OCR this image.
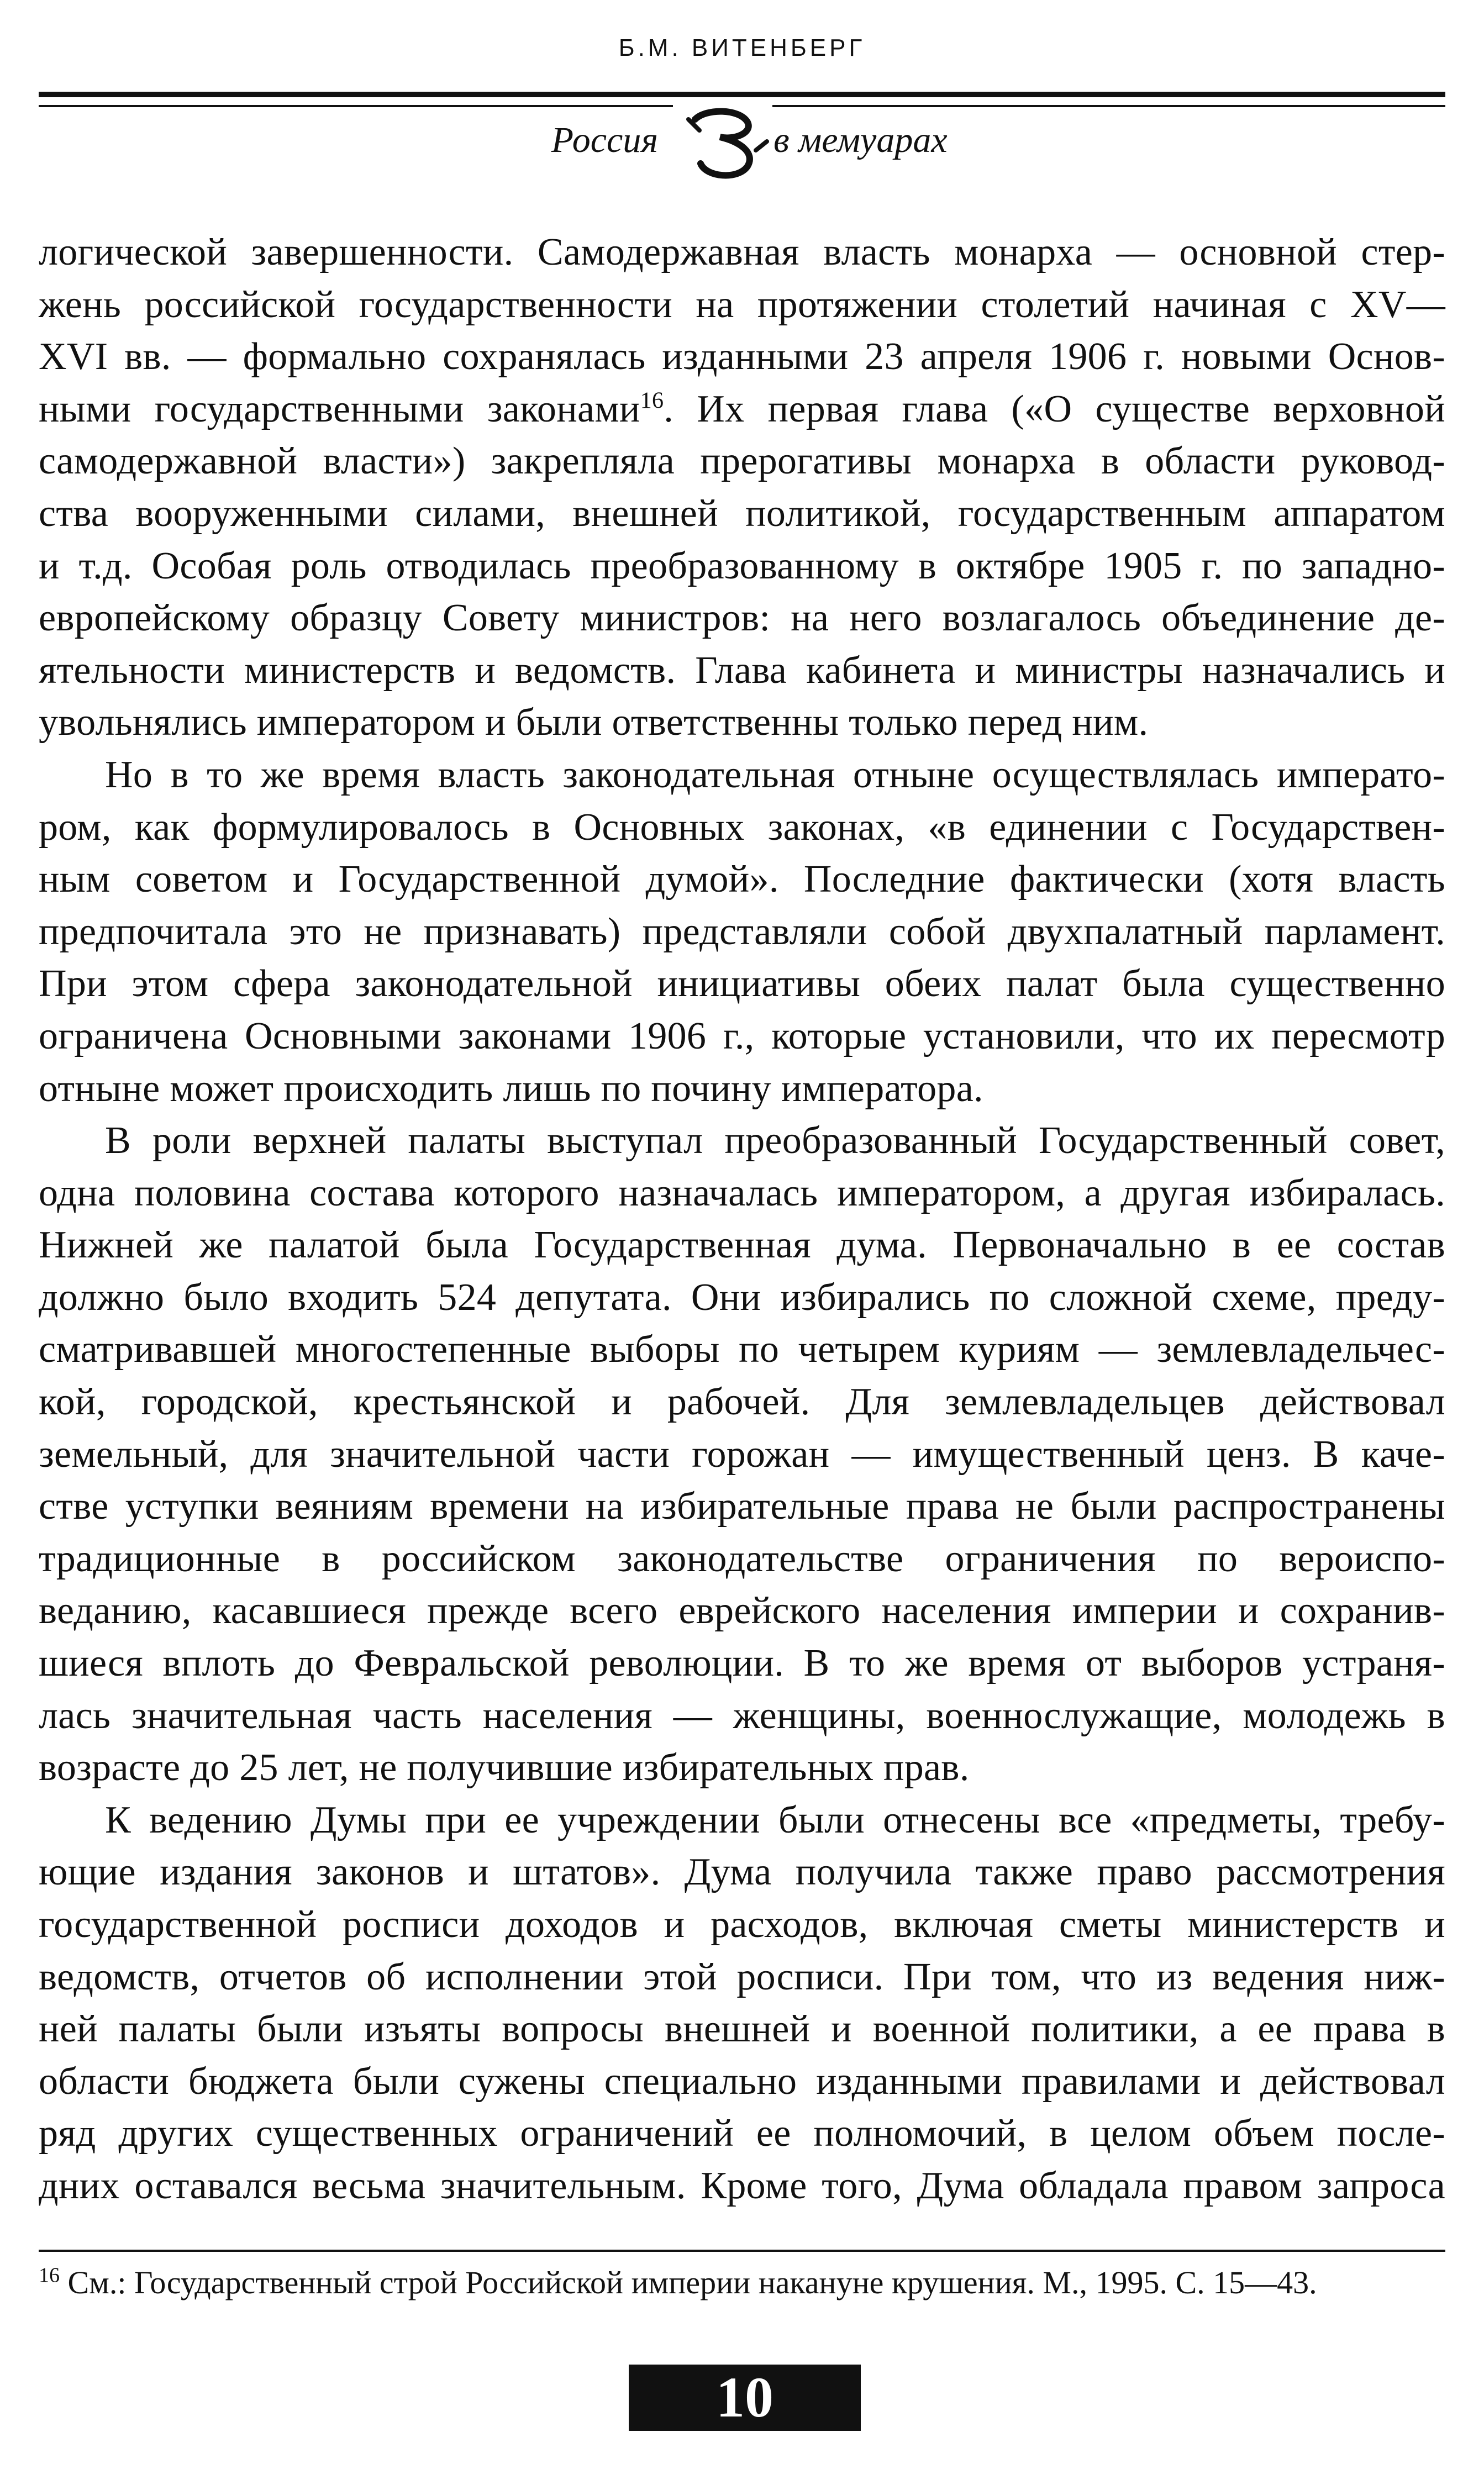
Б.М. ВИТЕНБЕРГ
Россия	в мемуарах

логической завершенности. Самодержавная власть монарха — основной стер-

жень российской государственности на протяжении столетий начиная с XV—

XVI вв. — формально сохранялась изданными 23 апреля 1906 г. новыми Основ-

ными государственными законами$^{16}$. Их первая глава («О существе верховной

самодержавной власти») закрепляла прерогативы монарха в области руковод-

ства вооруженными силами, внешней политикой, государственным аппаратом

и т.д. Особая роль отводилась преобразованному в октябре 1905 г. по западно-

европейскому образцу Совету министров: на него возлагалось объединение де-

ятельности министерств и ведомств. Глава кабинета и министры назначались и

увольнялись императором и были ответственны только перед ним.

Но в то же время власть законодательная отныне осуществлялась императо-

ром, как формулировалось в Основных законах, «в единении с Государствен-

ным советом и Государственной думой». Последние фактически (хотя власть

предпочитала это не признавать) представляли собой двухпалатный парламент.

При этом сфера законодательной инициативы обеих палат была существенно

ограничена Основными законами 1906 г., которые установили, что их пересмотр

отныне может происходить лишь по почину императора.

В роли верхней палаты выступал преобразованный Государственный совет,

одна половина состава которого назначалась императором, а другая избиралась.

Нижней же палатой была Государственная дума. Первоначально в ее состав

должно было входить 524 депутата. Они избирались по сложной схеме, преду-

сматривавшей многостепенные выборы по четырем куриям — землевладельчес-

кой, городской, крестьянской и рабочей. Для землевладельцев действовал

земельный, для значительной части горожан — имущественный ценз. В каче-

стве уступки веяниям времени на избирательные права не были распространены

традиционные в российском законодательстве ограничения по вероиспо-

веданию, касавшиеся прежде всего еврейского населения империи и сохранив-

шиеся вплоть до Февральской революции. В то же время от выборов устраня-

лась значительная часть населения — женщины, военнослужащие, молодежь в

возрасте до 25 лет, не получившие избирательных прав.

К ведению Думы при ее учреждении были отнесены все «предметы, требу-

ющие издания законов и штатов». Дума получила также право рассмотрения

государственной росписи доходов и расходов, включая сметы министерств и

ведомств, отчетов об исполнении этой росписи. При том, что из ведения ниж-

ней палаты были изъяты вопросы внешней и военной политики, а ее права в

области бюджета были сужены специально изданными правилами и действовал

ряд других существенных ограничений ее полномочий, в целом объем после-

дних оставался весьма значительным. Кроме того, Дума обладала правом запроса

$^{16}$ См.: Государственный строй Российской империи накануне крушения. М., 1995. С. 15—43.
10
